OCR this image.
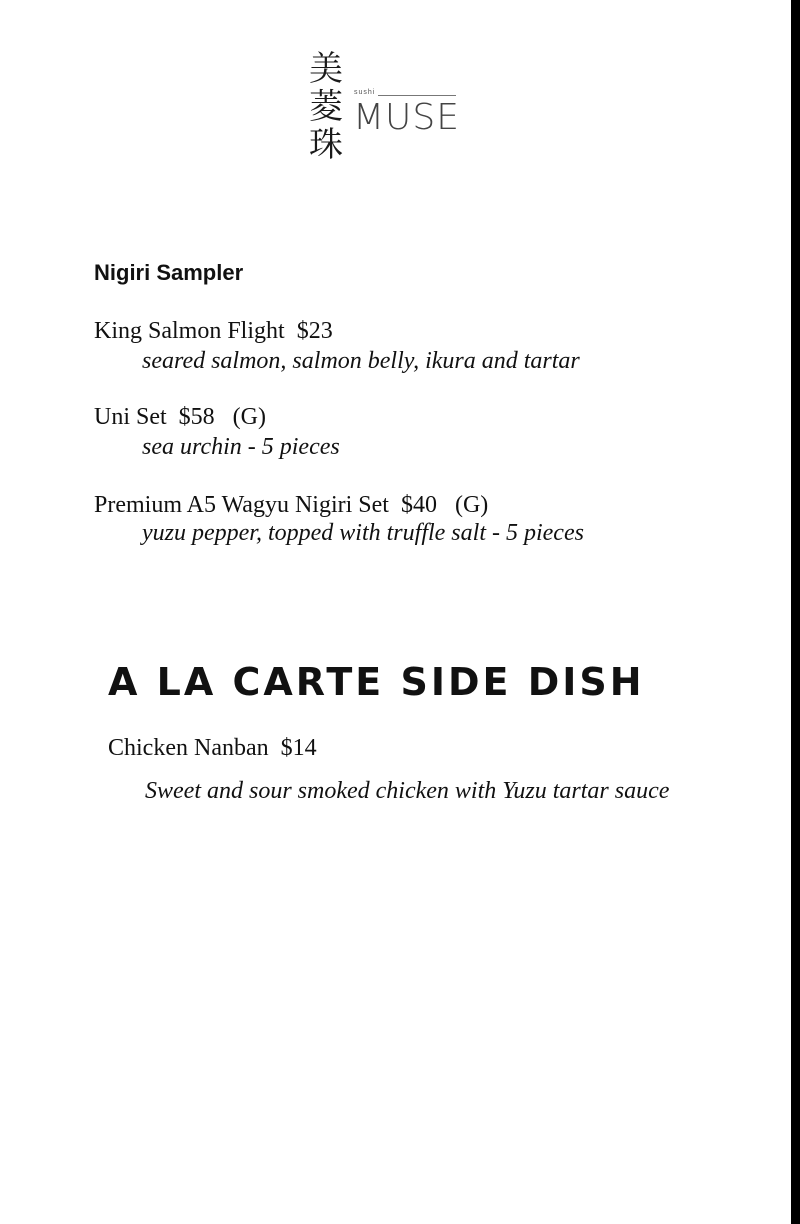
美
菱
珠
sushi
MUSE
Nigiri Sampler
King Salmon Flight  $23
seared salmon, salmon belly, ikura and tartar
Uni Set  $58   (G)
sea urchin - 5 pieces
Premium A5 Wagyu Nigiri Set  $40   (G)
yuzu pepper, topped with truffle salt - 5 pieces
A LA CARTE SIDE DISH
Chicken Nanban  $14
Sweet and sour smoked chicken with Yuzu tartar sauce
